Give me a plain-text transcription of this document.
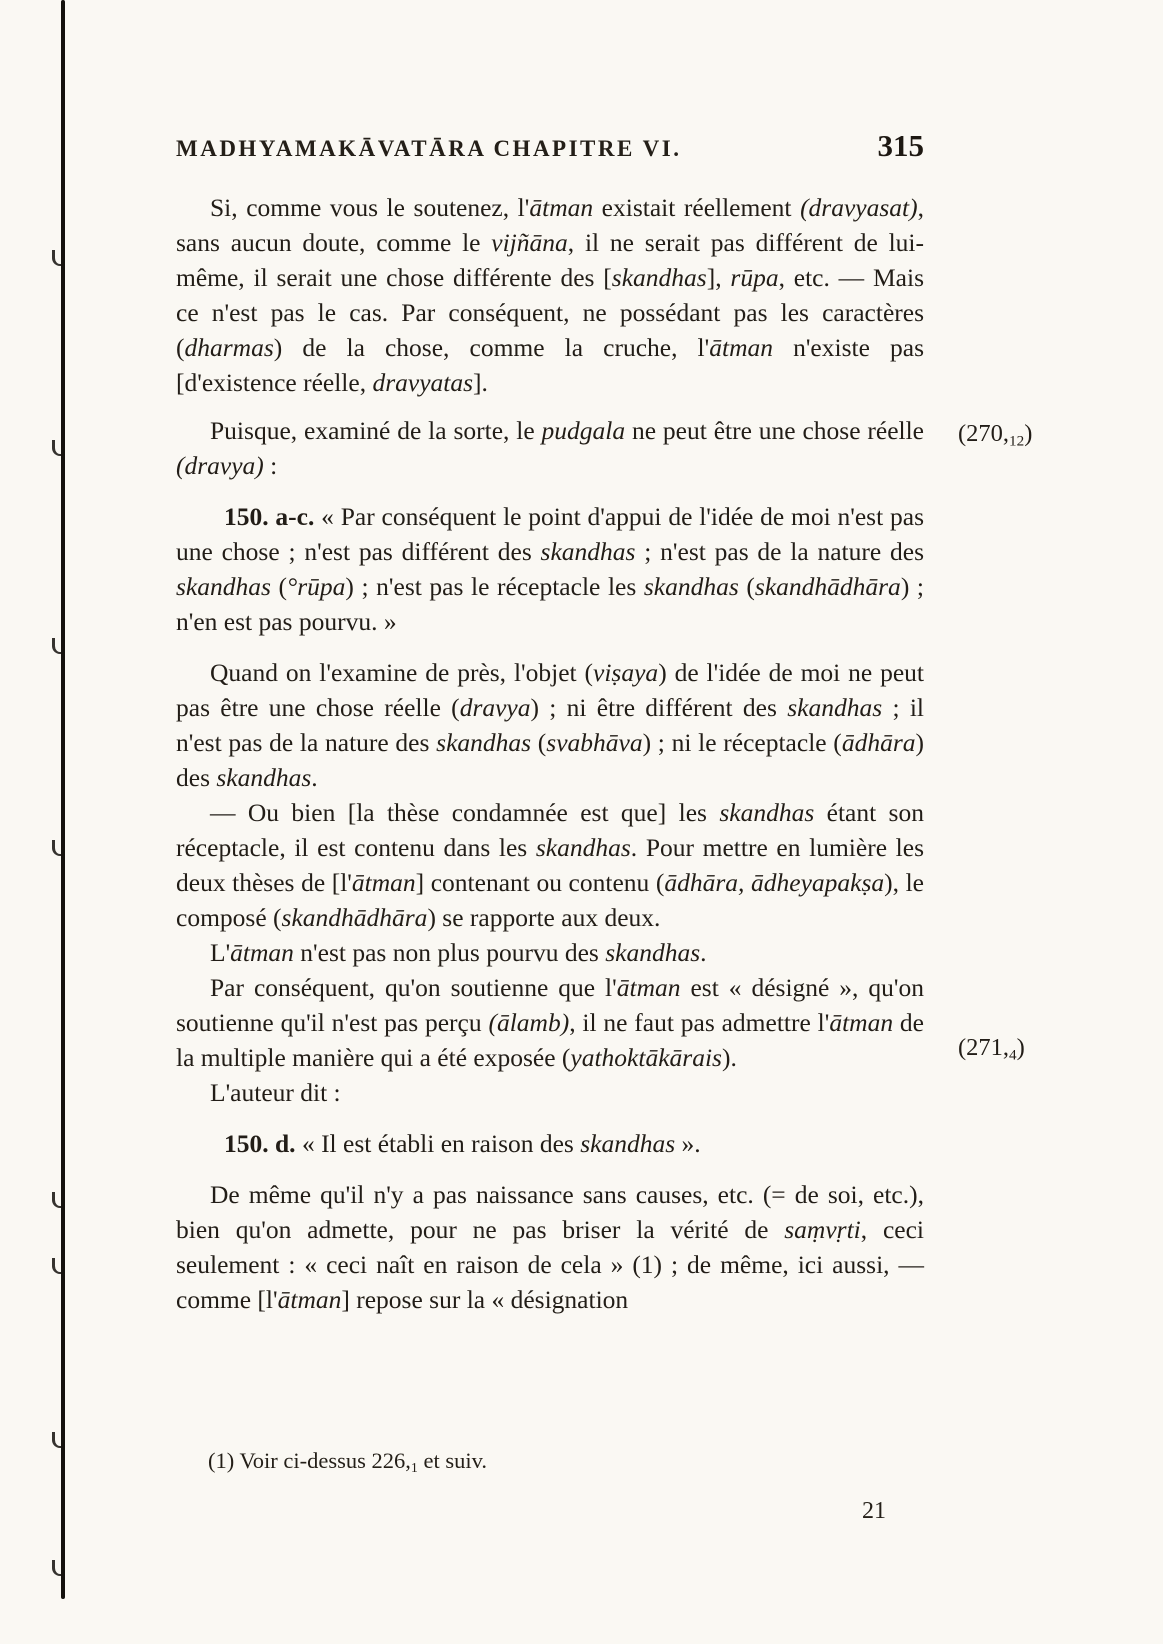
MADHYAMAKĀVATĀRA CHAPITRE VI.	315

Si, comme vous le soutenez, l'ātman existait réellement (dravyasat), sans aucun doute, comme le vijñāna, il ne serait pas différent de lui-même, il serait une chose différente des [skandhas], rūpa, etc. — Mais ce n'est pas le cas. Par conséquent, ne possédant pas les caractères (dharmas) de la chose, comme la cruche, l'ātman n'existe pas [d'existence réelle, dravyatas].

Puisque, examiné de la sorte, le pudgala ne peut être une chose réelle (dravya) :

150. a-c. « Par conséquent le point d'appui de l'idée de moi n'est pas une chose ; n'est pas différent des skandhas ; n'est pas de la nature des skandhas (°rūpa) ; n'est pas le réceptacle les skandhas (skandhādhāra) ; n'en est pas pourvu. »

Quand on l'examine de près, l'objet (viṣaya) de l'idée de moi ne peut pas être une chose réelle (dravya) ; ni être différent des skandhas ; il n'est pas de la nature des skandhas (svabhāva) ; ni le réceptacle (ādhāra) des skandhas.

— Ou bien [la thèse condamnée est que] les skandhas étant son réceptacle, il est contenu dans les skandhas. Pour mettre en lumière les deux thèses de [l'ātman] contenant ou contenu (ādhāra, ādheyapakṣa), le composé (skandhādhāra) se rapporte aux deux.

L'ātman n'est pas non plus pourvu des skandhas.

Par conséquent, qu'on soutienne que l'ātman est « désigné », qu'on soutienne qu'il n'est pas perçu (ālamb), il ne faut pas admettre l'ātman de la multiple manière qui a été exposée (yathoktākārais).

L'auteur dit :

150. d. « Il est établi en raison des skandhas ».

De même qu'il n'y a pas naissance sans causes, etc. (= de soi, etc.), bien qu'on admette, pour ne pas briser la vérité de saṃvṛti, ceci seulement : « ceci naît en raison de cela » (1) ; de même, ici aussi, — comme [l'ātman] repose sur la « désignation

$(270,_{12})$
$(271,_4)$
(1) Voir ci-dessus $226,_1$ et suiv.
21
